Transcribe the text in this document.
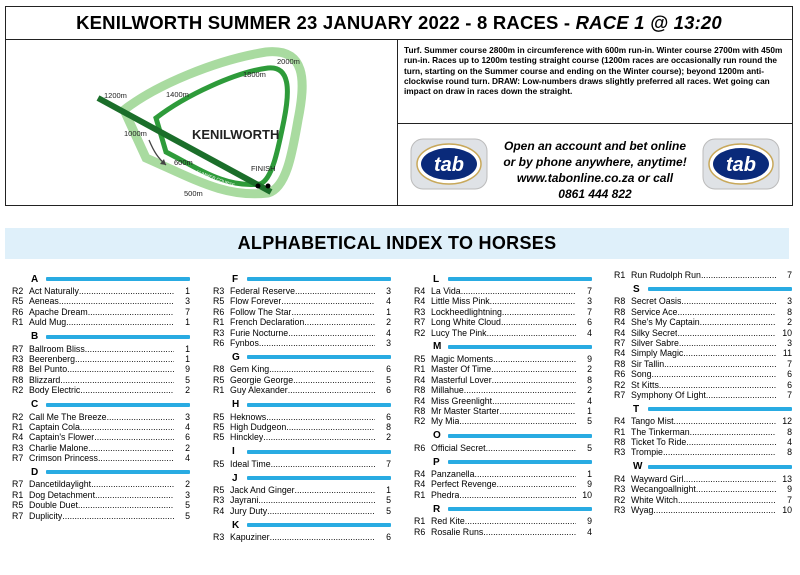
KENILWORTH SUMMER 23 JANUARY 2022 - 8 RACES -
RACE 1 @ 13:20
2000m
1800m
1400m
1200m
1000m
600m
500m
FINISH
KENILWORTH
WINTER COURSE
SUMMER COURSE
Turf. Summer course 2800m in circumference with 600m run-in. Winter course 2700m with 450m run-in. Races up to 1200m testing straight course (1200m races are occasionally run round the turn, starting on the Summer course and ending on the Winter course); beyond 1200m anti-clockwise round turn. DRAW: Low-numbers draws slightly preferred all races. Wet going can impact on draw in races down the straight.
tab
Open an account and bet online
or by phone anywhere, anytime!
www.tabonline.co.za or call
0861 444 822
tab
ALPHABETICAL INDEX TO HORSES
A
R2 Act Naturally .....	1
R5 Aeneas .....	3
R6 Apache Dream .....	7
R1 Auld Mug .....	1
B
R7 Ballroom Bliss .....	1
R3 Beerenberg .....	1
R8 Bel Punto .....	9
R8 Blizzard .....	5
R2 Body Electric .....	2
C
R2 Call Me The Breeze .....	3
R1 Captain Cola .....	4
R4 Captain's Flower .....	6
R3 Charlie Malone .....	2
R7 Crimson Princess .....	4
D
R7 Dancetildaylight .....	2
R1 Dog Detachment .....	3
R5 Double Duet .....	5
R7 Duplicity .....	5
F
R3 Federal Reserve .....	3
R5 Flow Forever .....	4
R6 Follow The Star .....	1
R1 French Declaration .....	2
R3 Furie Nocturne .....	4
R6 Fynbos .....	3
G
R8 Gem King .....	6
R5 Georgie George .....	5
R1 Guy Alexander .....	6
H
R5 Heknows .....	6
R5 High Dudgeon .....	8
R5 Hinckley .....	2
I
R5 Ideal Time .....	7
J
R5 Jack And Ginger .....	1
R3 Jayrani .....	5
R4 Jury Duty .....	5
K
R3 Kapuziner .....	6
L
R4 La Vida .....	7
R4 Little Miss Pink .....	3
R3 Lockheedlightning .....	7
R7 Long White Cloud .....	6
R2 Lucy The Pink .....	4
M
R5 Magic Moments .....	9
R1 Master Of Time .....	2
R4 Masterful Lover .....	8
R8 Millahue .....	2
R4 Miss Greenlight .....	4
R8 Mr Master Starter .....	1
R2 My Mia .....	5
O
R6 Official Secret .....	5
P
R4 Panzanella .....	1
R4 Perfect Revenge .....	9
R1 Phedra .....	10
R
R1 Red Kite .....	9
R6 Rosalie Runs .....	4
R1 Run Rudolph Run .....	7
S
R8 Secret Oasis .....	3
R8 Service Ace .....	8
R4 She's My Captain .....	2
R4 Silky Secret .....	10
R7 Silver Sabre .....	3
R4 Simply Magic .....	11
R8 Sir Tallin .....	7
R6 Song .....	6
R2 St Kitts .....	6
R7 Symphony Of Light .....	7
T
R4 Tango Mist .....	12
R1 The Tinkerman .....	8
R8 Ticket To Ride .....	4
R3 Trompie .....	8
W
R4 Wayward Girl .....	13
R3 Wecangoallnight .....	9
R2 White Witch .....	7
R3 Wyag .....	10
